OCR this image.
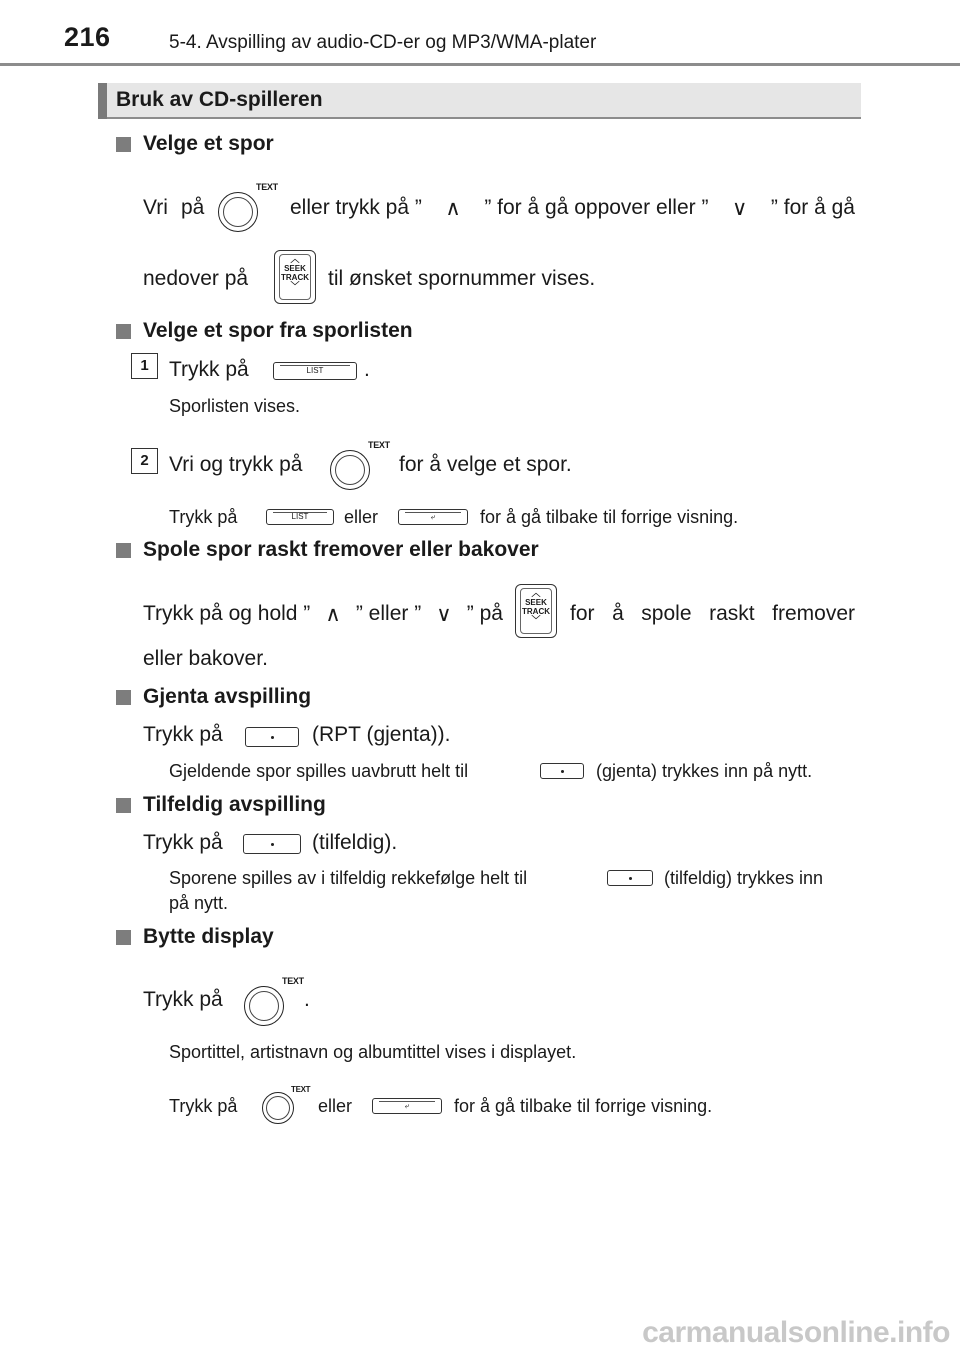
216	5-4. Avspilling av audio-CD-er og MP3/WMA-plater
Bruk av CD-spilleren
Velge et spor
Vri på
TEXT
eller trykk på ” ∧ ” for å gå oppover eller ” ∨ ” for å gå
nedover på
︿
SEEK
TRACK
﹀	til ønsket spornummer vises.
Velge et spor fra sporlisten
1 Trykk på	LIST	.
Sporlisten vises.
2 Vri og trykk på
TEXT
for å velge et spor.
Trykk på	LIST	eller	⤶	for å gå tilbake til forrige visning.
Spole spor raskt fremover eller bakover
Trykk på og hold ” ∧ ” eller ” ∨ ” på
︿
SEEK
TRACK
﹀	for å spole raskt fremover
eller bakover.
Gjenta avspilling
Trykk på	(RPT (gjenta)).
Gjeldende spor spilles uavbrutt helt til	(gjenta) trykkes inn på nytt.
Tilfeldig avspilling
Trykk på	(tilfeldig).
Sporene spilles av i tilfeldig rekkefølge helt til	(tilfeldig) trykkes inn
på nytt.
Bytte display
Trykk på
TEXT
.
Sportittel, artistnavn og albumtittel vises i displayet.
Trykk på
TEXT
eller	⤶	for å gå tilbake til forrige visning.
carmanualsonline.info
